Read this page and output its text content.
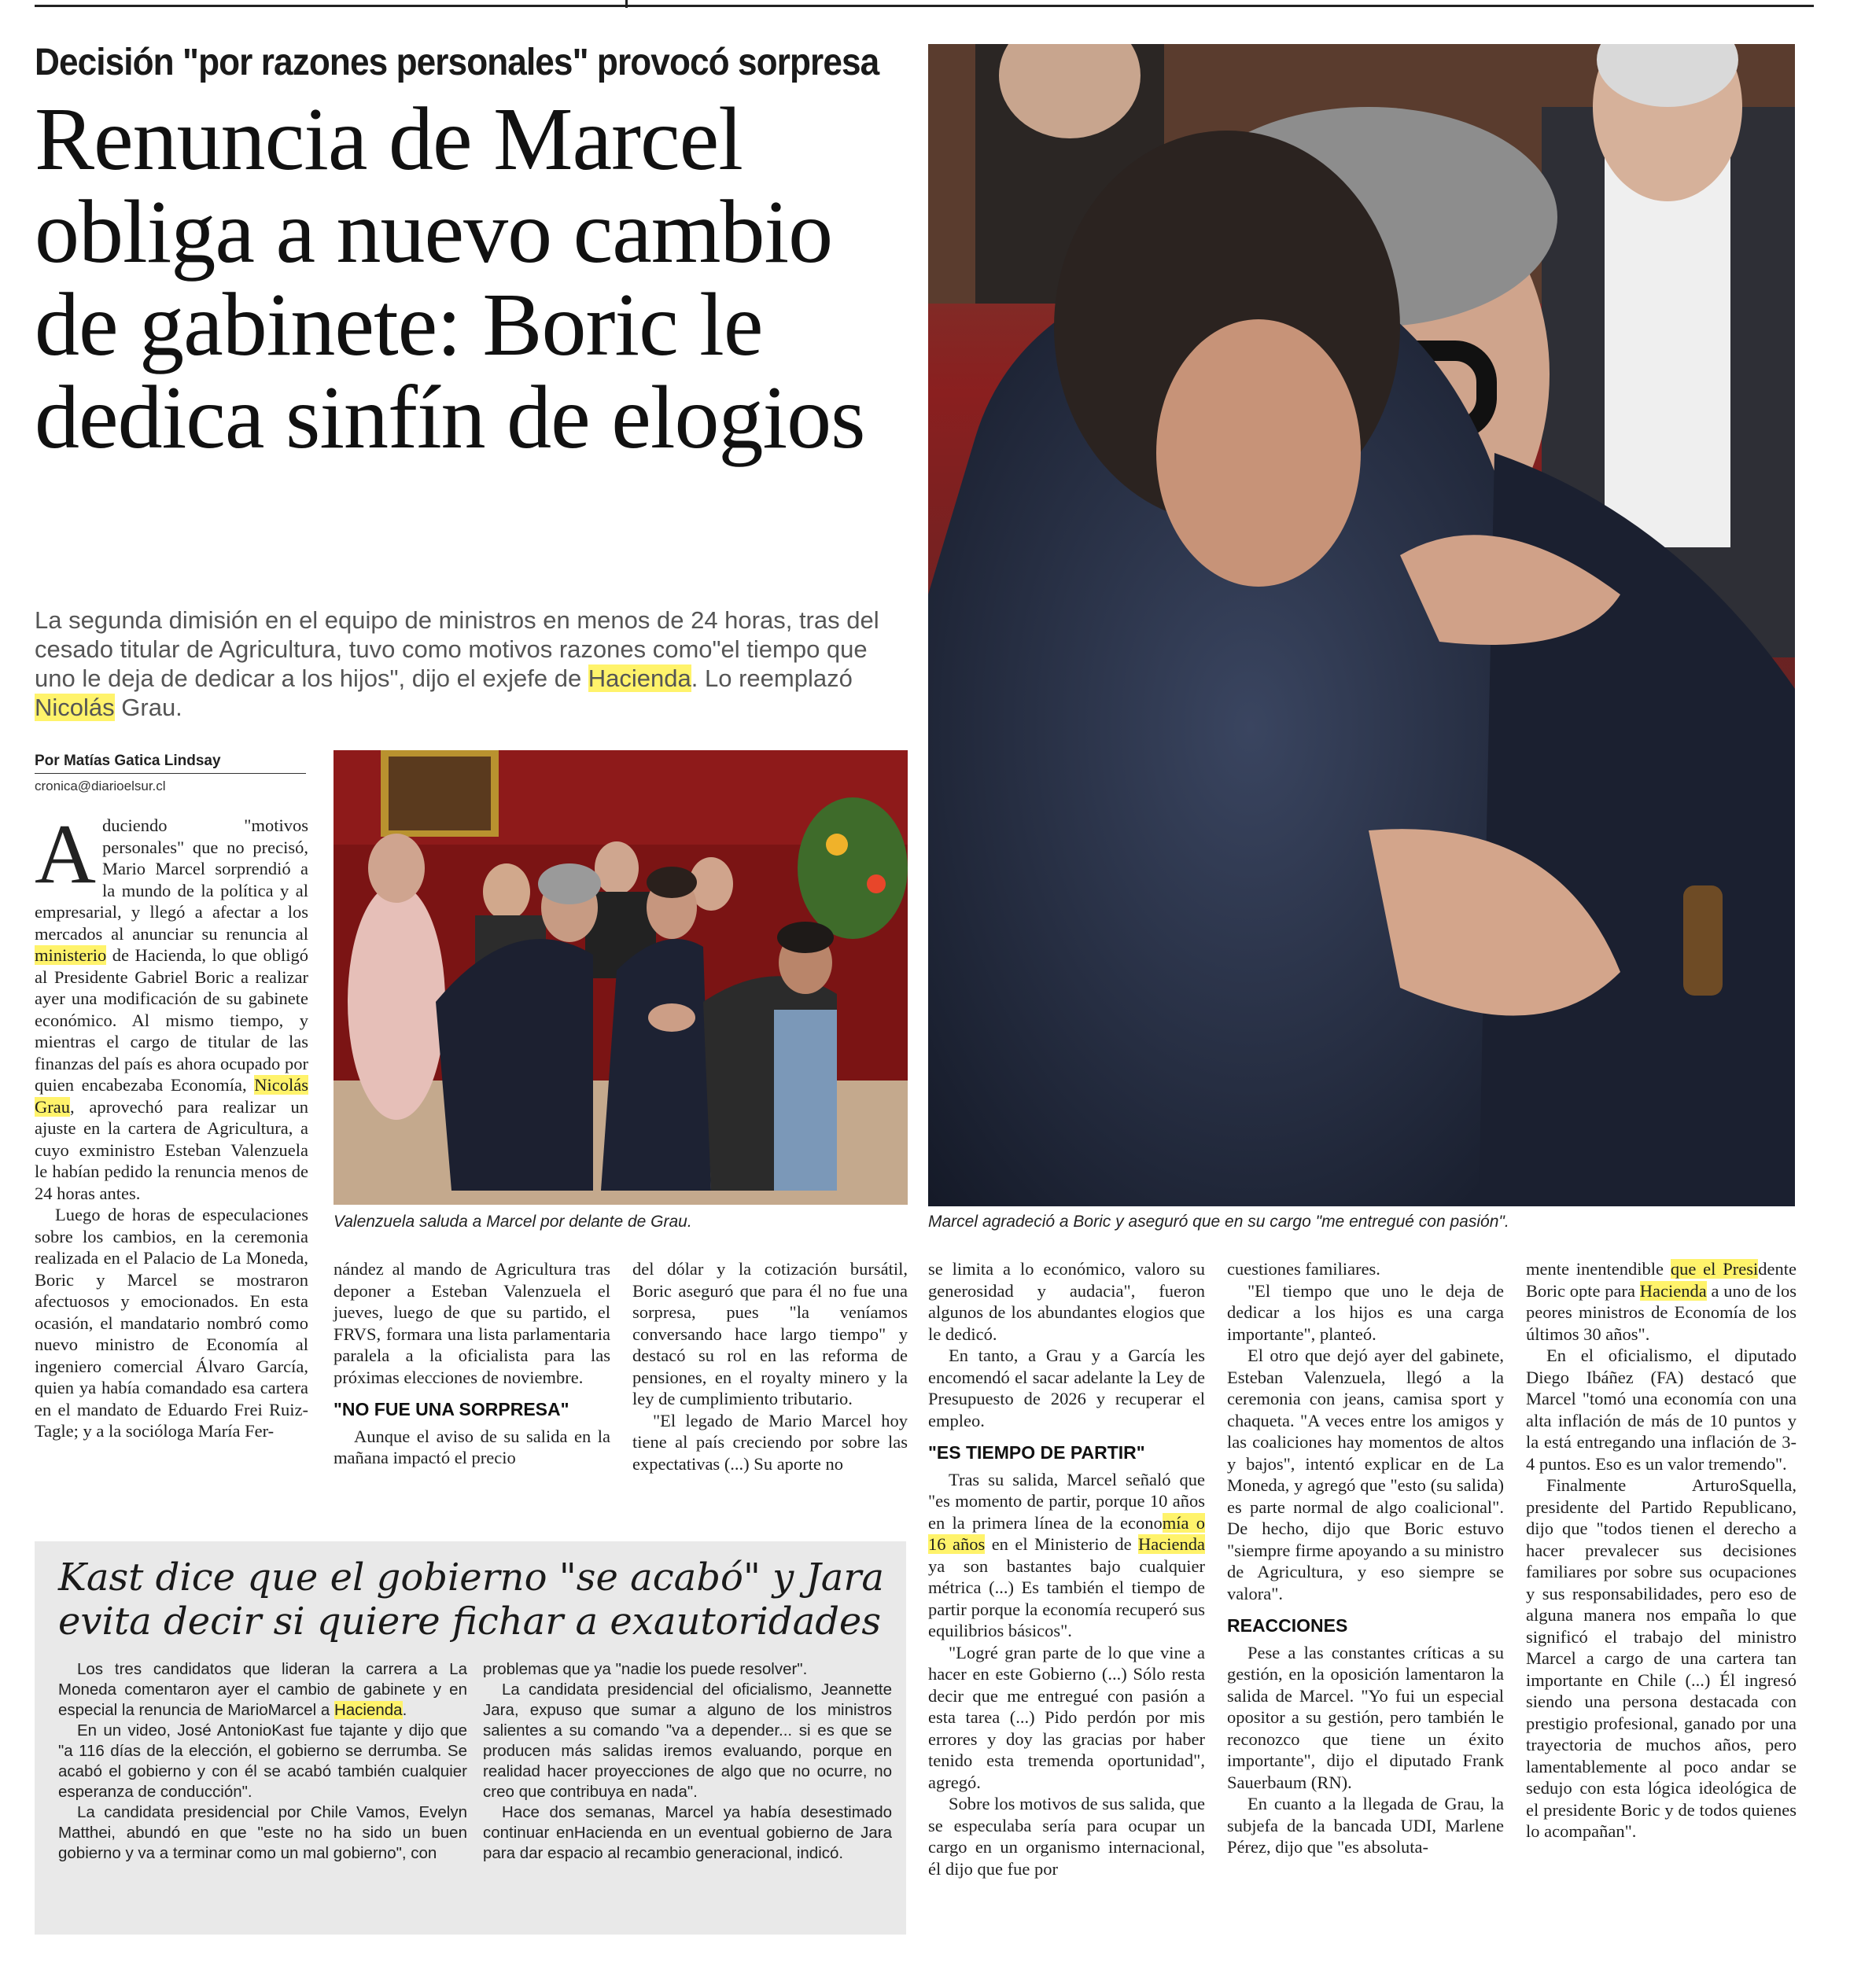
Decisión "por razones personales" provocó sorpresa
Renuncia de Marcel obliga a nuevo cambio de gabinete: Boric le dedica sinfín de elogios
La segunda dimisión en el equipo de ministros en menos de 24 horas, tras del cesado titular de Agricultura, tuvo como motivos razones como"el tiempo que uno le deja de dedicar a los hijos", dijo el exjefe de Hacienda. Lo reemplazó Nicolás Grau.
Por Matías Gatica Lindsay
cronica@diarioelsur.cl
Marcel agradeció a Boric y aseguró que en su cargo "me entregué con pasión".
Valenzuela saluda a Marcel por delante de Grau.

Aduciendo "motivos personales" que no precisó, Mario Marcel sorprendió a la mundo de la política y al empresarial, y llegó a afectar a los mercados al anunciar su renuncia al ministerio de Hacienda, lo que obligó al Presidente Gabriel Boric a realizar ayer una modificación de su gabinete económico. Al mismo tiempo, y mientras el cargo de titular de las finanzas del país es ahora ocupado por quien encabezaba Economía, Nicolás Grau, aprovechó para realizar un ajuste en la cartera de Agricultura, a cuyo exministro Esteban Valenzuela le habían pedido la renuncia menos de 24 horas antes.

Luego de horas de especulaciones sobre los cambios, en la ceremonia realizada en el Palacio de La Moneda, Boric y Marcel se mostraron afectuosos y emocionados. En esta ocasión, el mandatario nombró como nuevo ministro de Economía al ingeniero comercial Álvaro García, quien ya había comandado esa cartera en el mandato de Eduardo Frei Ruiz-Tagle; y a la socióloga María Fer-

nández al mando de Agricultura tras deponer a Esteban Valenzuela el jueves, luego de que su partido, el FRVS, formara una lista parlamentaria paralela a la oficialista para las próximas elecciones de noviembre.

"NO FUE UNA SORPRESA"

Aunque el aviso de su salida en la mañana impactó el precio

del dólar y la cotización bursátil, Boric aseguró que para él no fue una sorpresa, pues "la veníamos conversando hace largo tiempo" y destacó su rol en las reforma de pensiones, en el royalty minero y la ley de cumplimiento tributario.

"El legado de Mario Marcel hoy tiene al país creciendo por sobre las expectativas (...) Su aporte no

se limita a lo económico, valoro su generosidad y audacia", fueron algunos de los abundantes elogios que le dedicó.

En tanto, a Grau y a García les encomendó el sacar adelante la Ley de Presupuesto de 2026 y recuperar el empleo.

"ES TIEMPO DE PARTIR"

Tras su salida, Marcel señaló que "es momento de partir, porque 10 años en la primera línea de la economía o 16 años en el Ministerio de Hacienda ya son bastantes bajo cualquier métrica (...) Es también el tiempo de partir porque la economía recuperó sus equilibrios básicos".

"Logré gran parte de lo que vine a hacer en este Gobierno (...) Sólo resta decir que me entregué con pasión a esta tarea (...) Pido perdón por mis errores y doy las gracias por haber tenido esta tremenda oportunidad", agregó.

Sobre los motivos de sus salida, que se especulaba sería para ocupar un cargo en un organismo internacional, él dijo que fue por

cuestiones familiares.

"El tiempo que uno le deja de dedicar a los hijos es una carga importante", planteó.

El otro que dejó ayer del gabinete, Esteban Valenzuela, llegó a la ceremonia con jeans, camisa sport y chaqueta. "A veces entre los amigos y las coaliciones hay momentos de altos y bajos", intentó explicar en de La Moneda, y agregó que "esto (su salida) es parte normal de algo coalicional". De hecho, dijo que Boric estuvo "siempre firme apoyando a su ministro de Agricultura, y eso siempre se valora".

REACCIONES

Pese a las constantes críticas a su gestión, en la oposición lamentaron la salida de Marcel. "Yo fui un especial opositor a su gestión, pero también le reconozco que tiene un éxito importante", dijo el diputado Frank Sauerbaum (RN).

En cuanto a la llegada de Grau, la subjefa de la bancada UDI, Marlene Pérez, dijo que "es absoluta-

mente inentendible que el Presidente Boric opte para Hacienda a uno de los peores ministros de Economía de los últimos 30 años".

En el oficialismo, el diputado Diego Ibáñez (FA) destacó que Marcel "tomó una economía con una alta inflación de más de 10 puntos y la está entregando una inflación de 3-4 puntos. Eso es un valor tremendo".

Finalmente ArturoSquella, presidente del Partido Republicano, dijo que "todos tienen el derecho a hacer prevalecer sus decisiones familiares por sobre sus ocupaciones y sus responsabilidades, pero eso de alguna manera nos empaña lo que significó el trabajo del ministro Marcel a cargo de una cartera tan importante en Chile (...) Él ingresó siendo una persona destacada con prestigio profesional, ganado por una trayectoria de muchos años, pero lamentablemente al poco andar se sedujo con esta lógica ideológica de el presidente Boric y de todos quienes lo acompañan".

Kast dice que el gobierno "se acabó" y Jara evita decir si quiere fichar a exautoridades

Los tres candidatos que lideran la carrera a La Moneda comentaron ayer el cambio de gabinete y en especial la renuncia de MarioMarcel a Hacienda.

En un video, José AntonioKast fue tajante y dijo que "a 116 días de la elección, el gobierno se derrumba. Se acabó el gobierno y con él se acabó también cualquier esperanza de conducción".

La candidata presidencial por Chile Vamos, Evelyn Matthei, abundó en que "este no ha sido un buen gobierno y va a terminar como un mal gobierno", con

problemas que ya "nadie los puede resolver".

La candidata presidencial del oficialismo, Jeannette Jara, expuso que sumar a alguno de los ministros salientes a su comando "va a depender... si es que se producen más salidas iremos evaluando, porque en realidad hacer proyecciones de algo que no ocurre, no creo que contribuya en nada".

Hace dos semanas, Marcel ya había desestimado continuar enHacienda en un eventual gobierno de Jara para dar espacio al recambio generacional, indicó.
